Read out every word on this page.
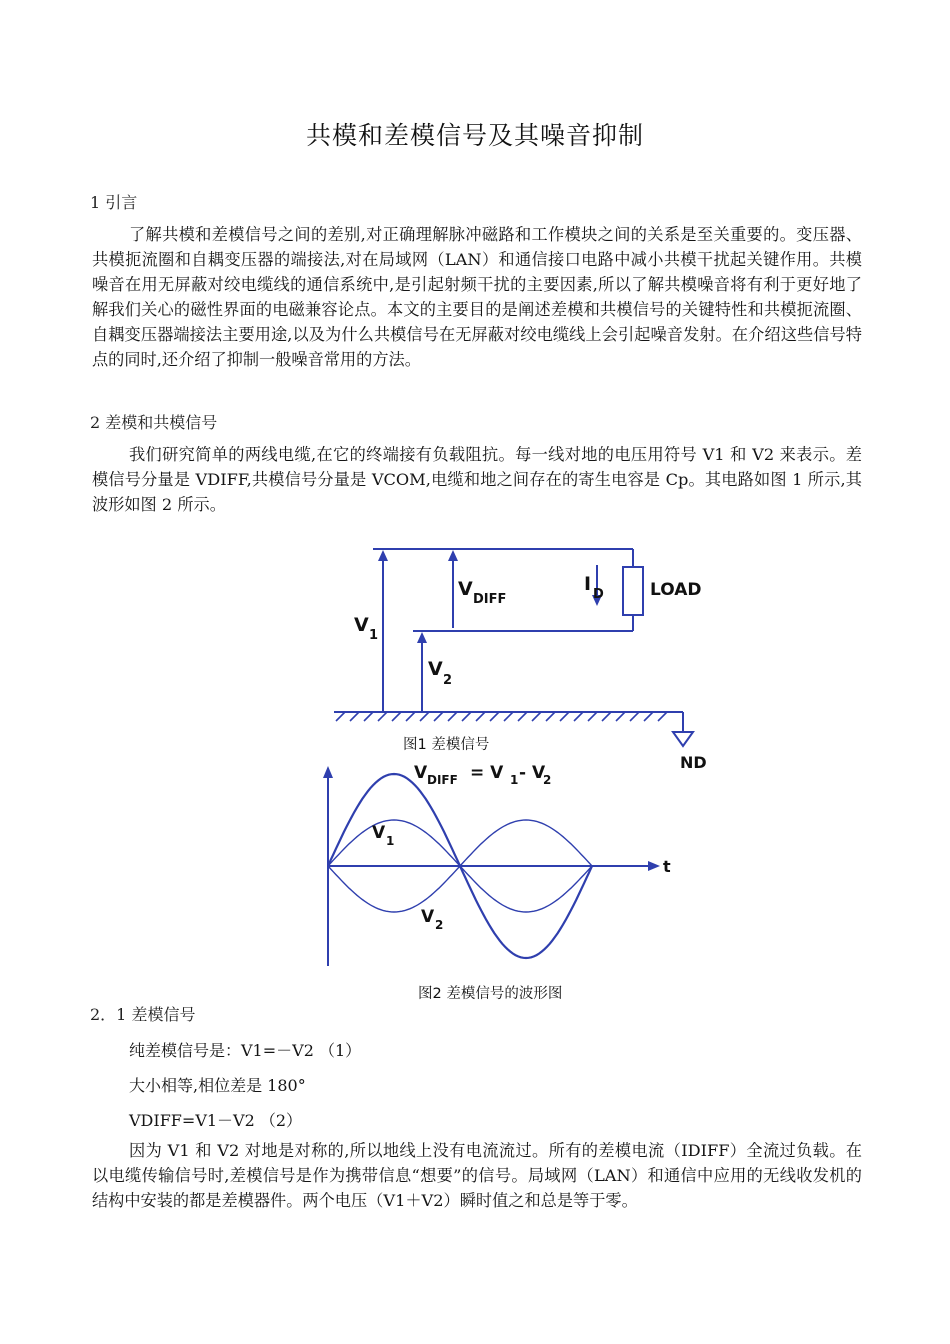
共模和差模信号及其噪音抑制
1 引言
了解共模和差模信号之间的差别,对正确理解脉冲磁路和工作模块之间的关系是至关重要的。变压器、共模扼流圈和自耦变压器的端接法,对在局域网（LAN）和通信接口电路中减小共模干扰起关键作用。共模噪音在用无屏蔽对绞电缆线的通信系统中,是引起射频干扰的主要因素,所以了解共模噪音将有利于更好地了解我们关心的磁性界面的电磁兼容论点。本文的主要目的是阐述差模和共模信号的关键特性和共模扼流圈、自耦变压器端接法主要用途,以及为什么共模信号在无屏蔽对绞电缆线上会引起噪音发射。在介绍这些信号特点的同时,还介绍了抑制一般噪音常用的方法。
2 差模和共模信号
我们研究简单的两线电缆,在它的终端接有负载阻抗。每一线对地的电压用符号 V1 和 V2 来表示。差模信号分量是 VDIFF,共模信号分量是 VCOM,电缆和地之间存在的寄生电容是 Cp。其电路如图 1 所示,其波形如图 2 所示。
V 1
V
2
V DIFF
I D	LOAD
ND
图1 差模信号
V DIFF = V 1 - V
2
V 1
V 2
t
图2 差模信号的波形图
2．1 差模信号
纯差模信号是：V1=－V2 （1）
大小相等,相位差是 180°
VDIFF=V1－V2 （2）
因为 V1 和 V2 对地是对称的,所以地线上没有电流流过。所有的差模电流（IDIFF）全流过负载。在以电缆传输信号时,差模信号是作为携带信息“想要”的信号。局域网（LAN）和通信中应用的无线收发机的结构中安装的都是差模器件。两个电压（V1＋V2）瞬时值之和总是等于零。
